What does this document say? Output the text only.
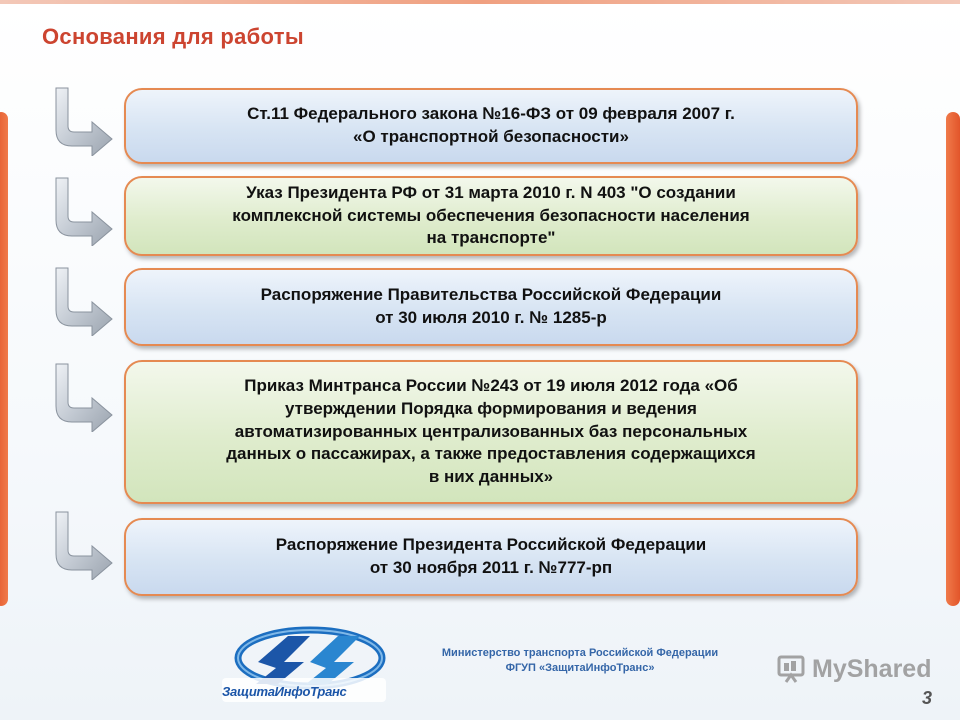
Основания для работы
Ст.11 Федерального закона №16-ФЗ от 09 февраля 2007 г.
«О транспортной безопасности»
Указ Президента РФ от 31 марта 2010 г. N 403 "О создании
комплексной системы обеспечения безопасности населения
на транспорте"
Распоряжение Правительства Российской Федерации
от 30 июля 2010 г. № 1285-р
Приказ Минтранса России №243 от 19 июля 2012 года «Об
утверждении Порядка формирования и ведения
автоматизированных централизованных баз персональных
данных о пассажирах, а также предоставления содержащихся
в них данных»
Распоряжение Президента Российской Федерации
от 30 ноября 2011 г. №777-рп
ЗащитаИнфоТранс
Министерство транспорта Российской Федерации
ФГУП «ЗащитаИнфоТранс»	MyShared
3
